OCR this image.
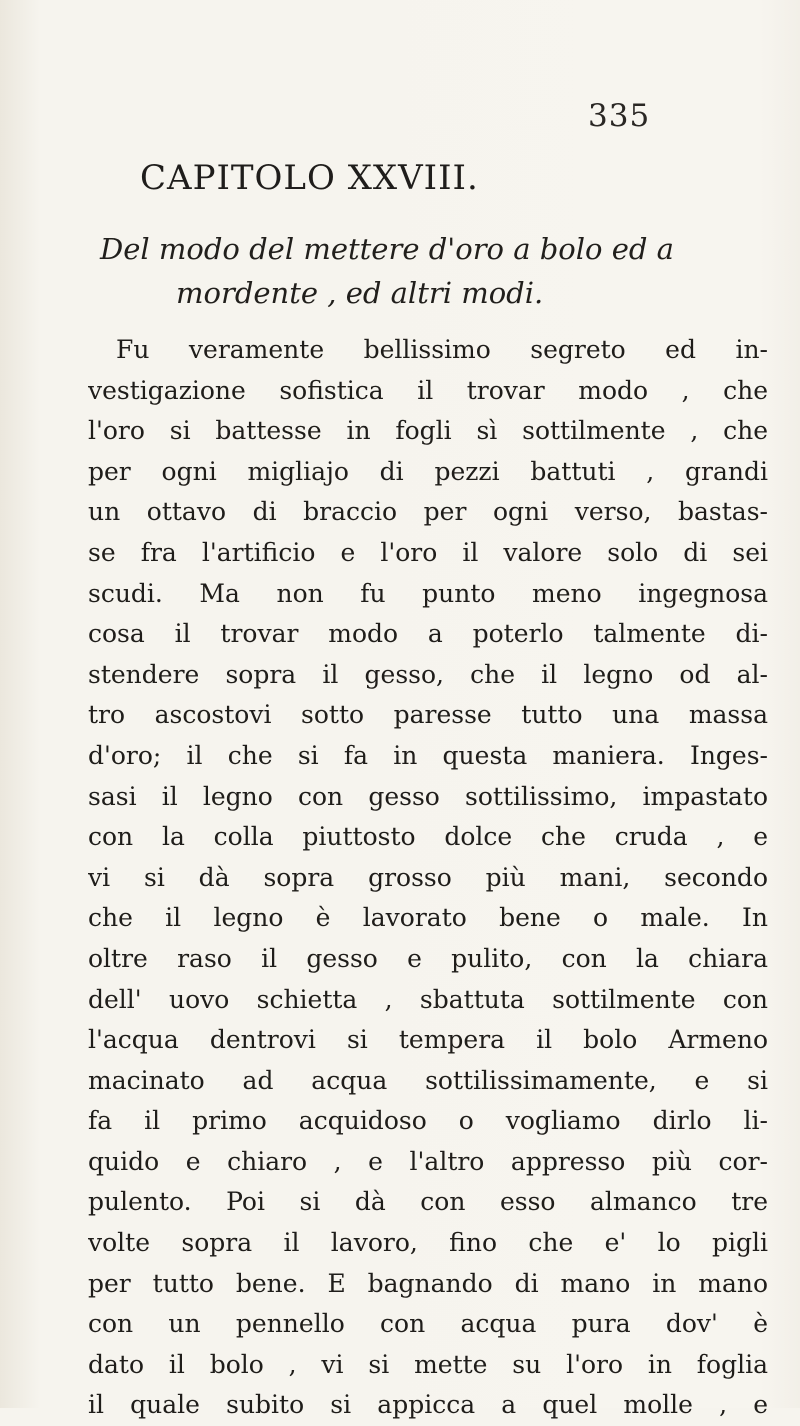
335
CAPITOLO XXVIII.
Del modo del mettere d'oro a bolo ed a
mordente , ed altri modi.
Fu veramente bellissimo segreto ed in-
vestigazione sofistica il trovar modo , che
l'oro si battesse in fogli sì sottilmente , che
per ogni migliajo di pezzi battuti , grandi
un ottavo di braccio per ogni verso, bastas-
se fra l'artificio e l'oro il valore solo di sei
scudi. Ma non fu punto meno ingegnosa
cosa il trovar modo a poterlo talmente di-
stendere sopra il gesso, che il legno od al-
tro ascostovi sotto paresse tutto una massa
d'oro; il che si fa in questa maniera. Inges-
sasi il legno con gesso sottilissimo, impastato
con la colla piuttosto dolce che cruda , e
vi si dà sopra grosso più mani, secondo
che il legno è lavorato bene o male. In
oltre raso il gesso e pulito, con la chiara
dell' uovo schietta , sbattuta sottilmente con
l'acqua dentrovi si tempera il bolo Armeno
macinato ad acqua sottilissimamente, e si
fa il primo acquidoso o vogliamo dirlo li-
quido e chiaro , e l'altro appresso più cor-
pulento. Poi si dà con esso almanco tre
volte sopra il lavoro, fino che e' lo pigli
per tutto bene. E bagnando di mano in mano
con un pennello con acqua pura dov' è
dato il bolo , vi si mette su l'oro in foglia
il quale subito si appicca a quel molle , e
